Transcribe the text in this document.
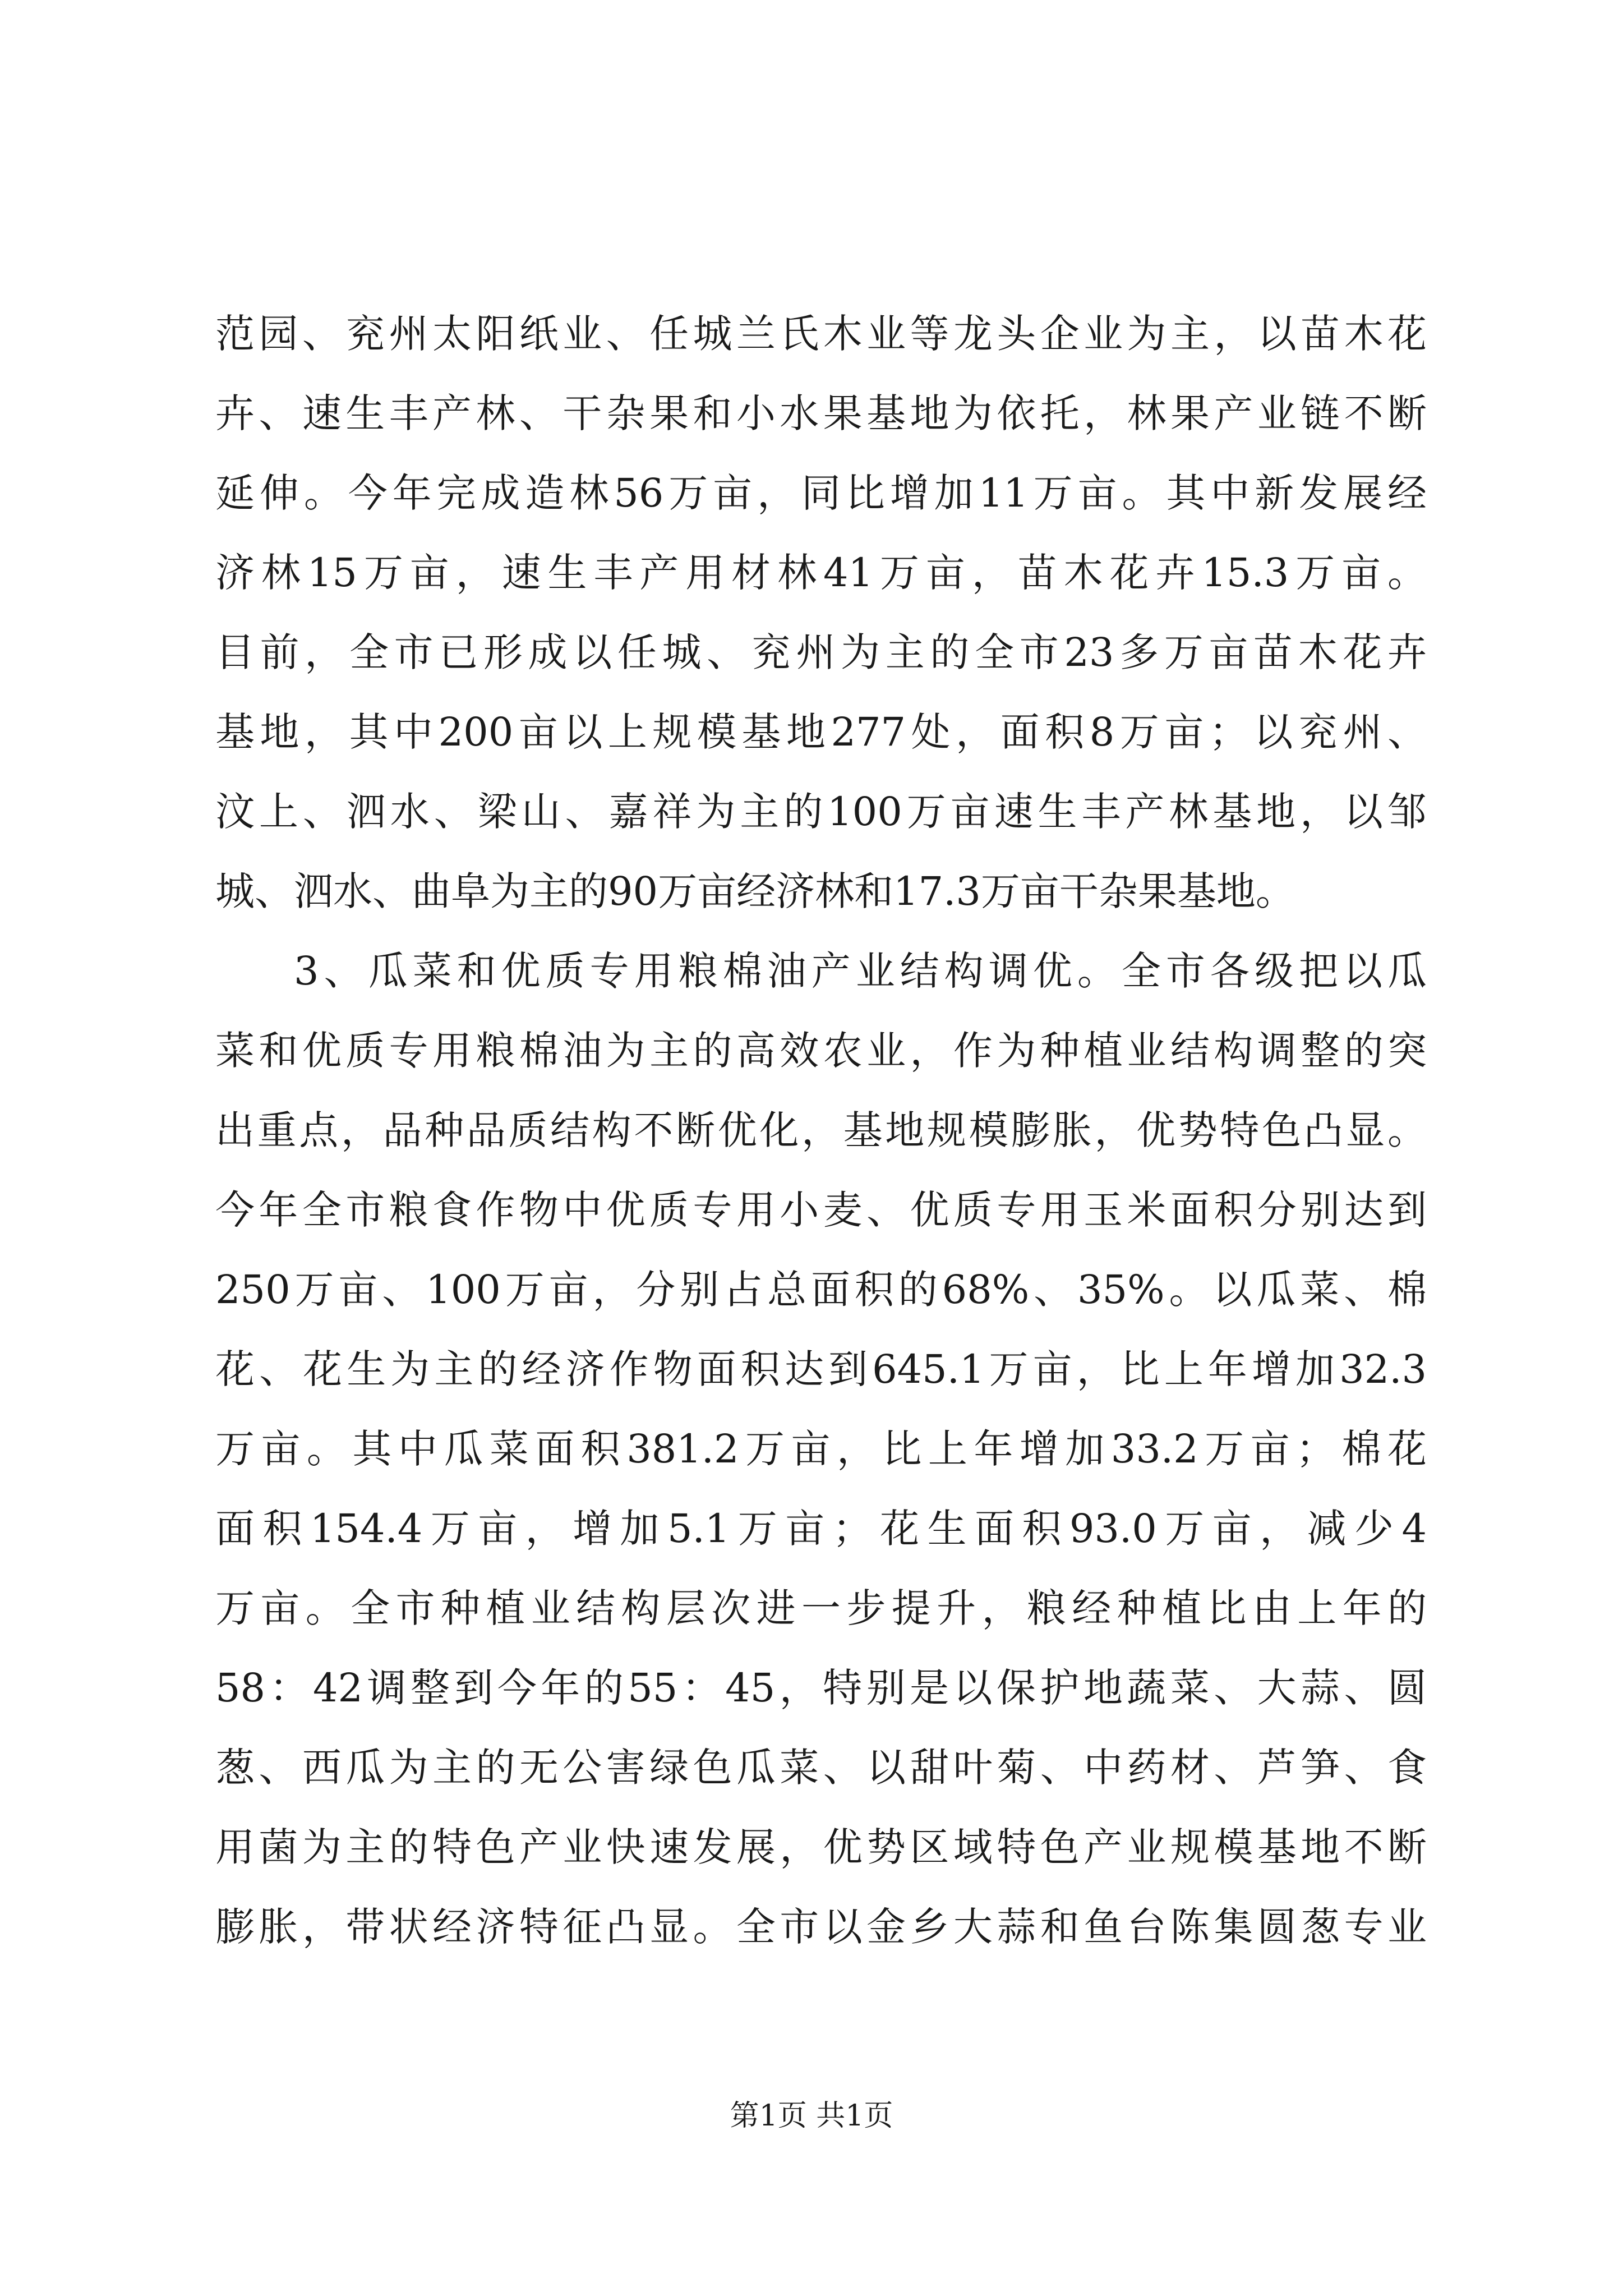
范园、兖州太阳纸业、任城兰氏木业等龙头企业为主，以苗木花

卉、速生丰产林、干杂果和小水果基地为依托，林果产业链不断

延伸。今年完成造林56万亩，同比增加11万亩。其中新发展经

济林15万亩，速生丰产用材林41万亩，苗木花卉15.3万亩。

目前，全市已形成以任城、兖州为主的全市23多万亩苗木花卉

基地，其中200亩以上规模基地277处，面积8万亩；以兖州、

汶上、泗水、梁山、嘉祥为主的100万亩速生丰产林基地，以邹

城、泗水、曲阜为主的90万亩经济林和17.3万亩干杂果基地。

3、瓜菜和优质专用粮棉油产业结构调优。全市各级把以瓜

菜和优质专用粮棉油为主的高效农业，作为种植业结构调整的突

出重点，品种品质结构不断优化，基地规模膨胀，优势特色凸显。

今年全市粮食作物中优质专用小麦、优质专用玉米面积分别达到

250万亩、100万亩，分别占总面积的68%、35%。以瓜菜、棉

花、花生为主的经济作物面积达到645.1万亩，比上年增加32.3

万亩。其中瓜菜面积381.2万亩，比上年增加33.2万亩；棉花

面积154.4万亩，增加5.1万亩；花生面积93.0万亩，减少4

万亩。全市种植业结构层次进一步提升，粮经种植比由上年的

58：42调整到今年的55：45，特别是以保护地蔬菜、大蒜、圆

葱、西瓜为主的无公害绿色瓜菜、以甜叶菊、中药材、芦笋、食

用菌为主的特色产业快速发展，优势区域特色产业规模基地不断

膨胀，带状经济特征凸显。全市以金乡大蒜和鱼台陈集圆葱专业

第1页 共1页
